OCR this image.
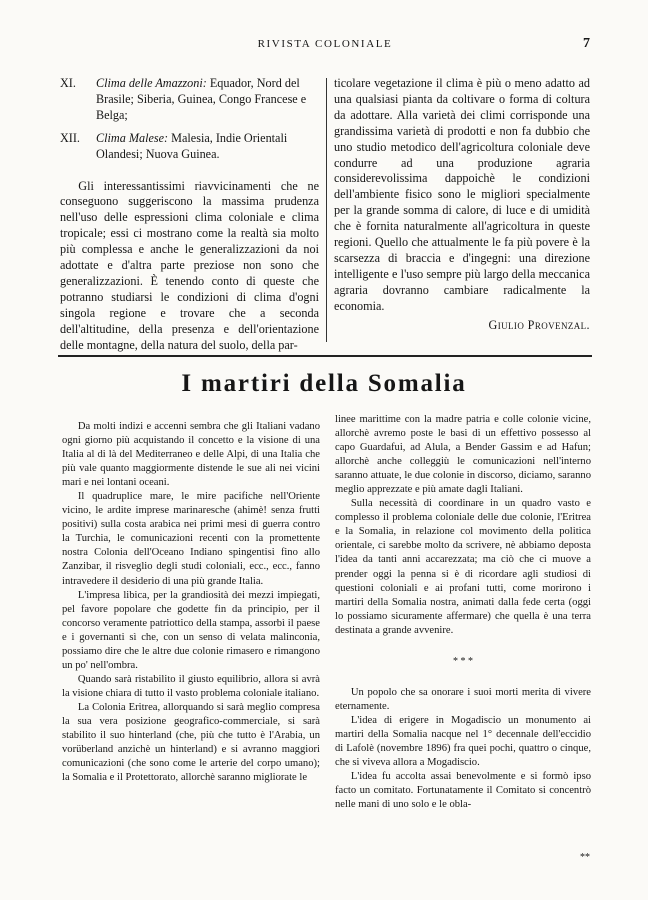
RIVISTA COLONIALE	7
XI.	Clima delle Amazzoni: Equador, Nord del Brasile; Siberia, Guinea, Congo Francese e Belga;
XII.	Clima Malese: Malesia, Indie Orientali Olandesi; Nuova Guinea.

Gli interessantissimi riavvicinamenti che ne conseguono suggeriscono la massima prudenza nell'uso delle espressioni clima coloniale e clima tropicale; essi ci mostrano come la realtà sia molto più complessa e anche le generalizzazioni da noi adottate e d'altra parte preziose non sono che generalizzazioni. È tenendo conto di queste che potranno studiarsi le condizioni di clima d'ogni singola regione e trovare che a seconda dell'altitudine, della presenza e dell'orientazione delle montagne, della natura del suolo, della par-

ticolare vegetazione il clima è più o meno adatto ad una qualsiasi pianta da coltivare o forma di coltura da adottare. Alla varietà dei climi corrisponde una grandissima varietà di prodotti e non fa dubbio che uno studio metodico dell'agricoltura coloniale deve condurre ad una produzione agraria considerevolissima dappoichè le condizioni dell'ambiente fisico sono le migliori specialmente per la grande somma di calore, di luce e di umidità che è fornita naturalmente all'agricoltura in queste regioni. Quello che attualmente le fa più povere è la scarsezza di braccia e d'ingegni: una direzione intelligente e l'uso sempre più largo della meccanica agraria dovranno cambiare radicalmente la economia.

Giulio Provenzal.
I martiri della Somalia

Da molti indizi e accenni sembra che gli Italiani vadano ogni giorno più acquistando il concetto e la visione di una Italia al di là del Mediterraneo e delle Alpi, di una Italia che più vale quanto maggiormente distende le sue ali nei vicini mari e nei lontani oceani.

Il quadruplice mare, le mire pacifiche nell'Oriente vicino, le ardite imprese marinaresche (ahimè! senza frutti positivi) sulla costa arabica nei primi mesi di guerra contro la Turchia, le comunicazioni recenti con la promettente nostra Colonia dell'Oceano Indiano spingentisi fino allo Zanzibar, il risveglio degli studi coloniali, ecc., ecc., fanno intravedere il desiderio di una più grande Italia.

L'impresa libica, per la grandiosità dei mezzi impiegati, pel favore popolare che godette fin da principio, per il concorso veramente patriottico della stampa, assorbì il paese e i governanti sì che, con un senso di velata malinconia, possiamo dire che le altre due colonie rimasero e rimangono un po' nell'ombra.

Quando sarà ristabilito il giusto equilibrio, allora si avrà la visione chiara di tutto il vasto problema coloniale italiano.

La Colonia Eritrea, allorquando si sarà meglio compresa la sua vera posizione geografico-commerciale, si sarà stabilito il suo hinterland (che, più che tutto è l'Arabia, un vorüberland anzichè un hinterland) e si avranno maggiori comunicazioni (che sono come le arterie del corpo umano); la Somalia e il Protettorato, allorchè saranno migliorate le

linee marittime con la madre patria e colle colonie vicine, allorchè avremo poste le basi di un effettivo possesso al capo Guardafui, ad Alula, a Bender Gassim e ad Hafun; allorchè anche colleggiù le comunicazioni nell'interno saranno attuate, le due colonie in discorso, diciamo, saranno meglio apprezzate e più amate dagli Italiani.

Sulla necessità di coordinare in un quadro vasto e complesso il problema coloniale delle due colonie, l'Eritrea e la Somalia, in relazione col movimento della politica orientale, ci sarebbe molto da scrivere, nè abbiamo deposta l'idea da tanti anni accarezzata; ma ciò che ci muove a prender oggi la penna si è di ricordare agli studiosi di questioni coloniali e ai profani tutti, come morirono i martiri della Somalia nostra, animati dalla fede certa (oggi lo possiamo sicuramente affermare) che quella è una terra destinata a grande avvenire.

* * *

Un popolo che sa onorare i suoi morti merita di vivere eternamente.

L'idea di erigere in Mogadiscio un monumento ai martiri della Somalia nacque nel 1° decennale dell'eccidio di Lafolè (novembre 1896) fra quei pochi, quattro o cinque, che si viveva allora a Mogadiscio.

L'idea fu accolta assai benevolmente e si formò ipso facto un comitato. Fortunatamente il Comitato si concentrò nelle mani di uno solo e le obla-

**
